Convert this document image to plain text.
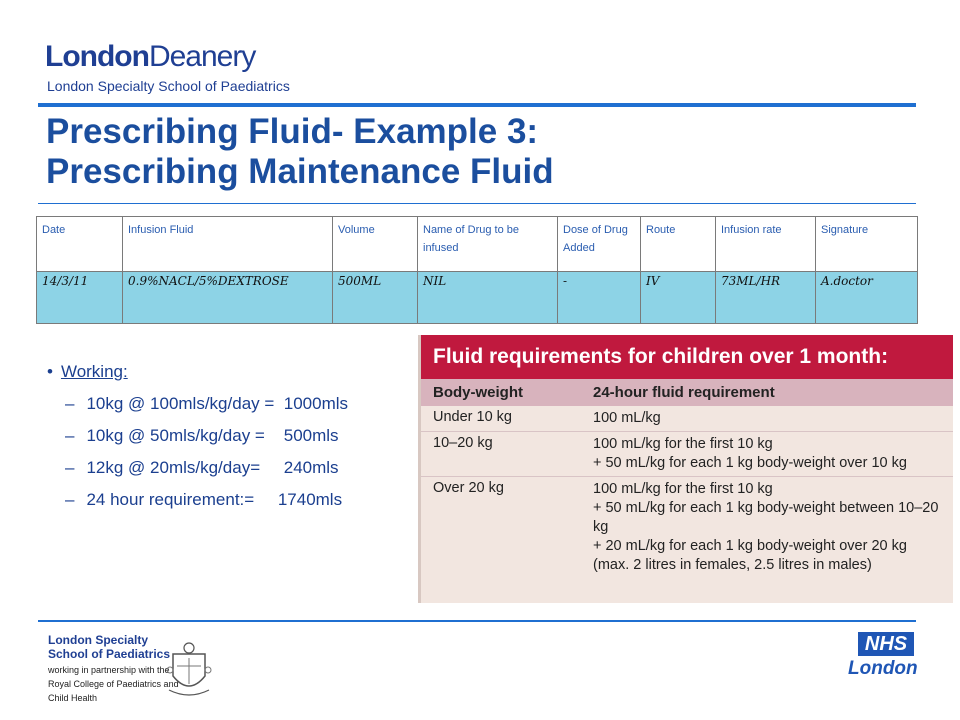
LondonDeanery
London Specialty School of Paediatrics
Prescribing Fluid- Example 3:
Prescribing Maintenance Fluid
Date	Infusion Fluid	Volume	Name of Drug to be infused	Dose of Drug Added	Route	Infusion rate	Signature
14/3/11	0.9%NACL/5%DEXTROSE	500ML	NIL	-	IV	73ML/HR	A.doctor
• Working:
– 10kg @ 100mls/kg/day =  1000mls
– 10kg @ 50mls/kg/day =    500mls
– 12kg @ 20mls/kg/day=     240mls
– 24 hour requirement:=     1740mls
Fluid requirements for children over 1 month:
Body-weight	24-hour fluid requirement
Under 10 kg	100 mL/kg
10–20 kg	100 mL/kg for the first 10 kg
+ 50 mL/kg for each 1 kg body-weight over 10 kg
Over 20 kg	100 mL/kg for the first 10 kg
+ 50 mL/kg for each 1 kg body-weight between 10–20 kg
+ 20 mL/kg for each 1 kg body-weight over 20 kg
(max. 2 litres in females, 2.5 litres in males)
London Specialty School of Paediatrics
working in partnership with the Royal College of Paediatrics and Child Health
NHS
London
